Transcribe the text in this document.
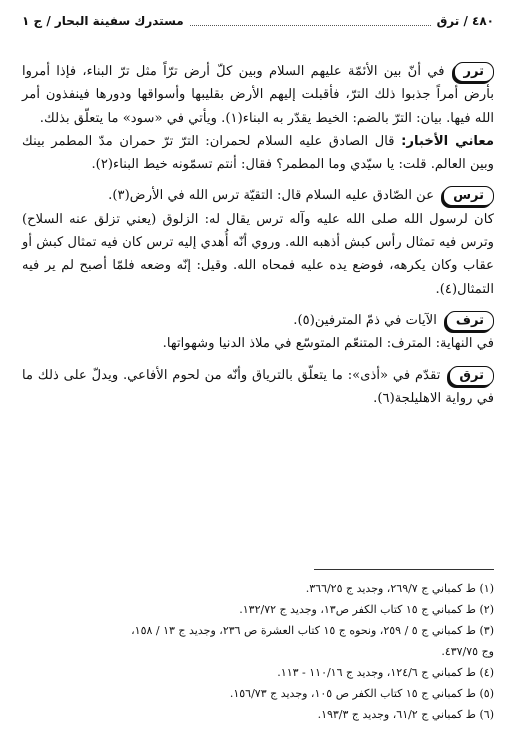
٤٨٠ / ترق
مستدرك سفينة البحار / ج ١

تررفي أنّ بين الأئمّة عليهم السلام وبين كلّ أرض ترّاً مثل ترّ البناء، فإذا أمروا بأرض أمراً جذبوا ذلك الترّ، فأقبلت إليهم الأرض بقليبها وأسواقها ودورها فينفذون أمر الله فيها. بيان: الترّ بالضم: الخيط يقدّر به البناء(١). ويأتي في «سود» ما يتعلّق بذلك.

معاني الأخبار: قال الصادق عليه السلام لحمران: الترّ ترّ حمران مدّ المطمر بينك وبين العالم. قلت: يا سيّدي وما المطمر؟ فقال: أنتم تسمّونه خيط البناء(٢).

ترسعن الصّادق عليه السلام قال: التقيّة ترس الله في الأرض(٣).

كان لرسول الله صلى الله عليه وآله ترس يقال له: الزلوق (يعني تزلق عنه السلاح) وترس فيه تمثال رأس كبش أذهبه الله. وروي أنّه أُهدي إليه ترس كان فيه تمثال كبش أو عقاب وكان يكرهه، فوضع يده عليه فمحاه الله. وقيل: إنّه وضعه فلمّا أصبح لم ير فيه التمثال(٤).

ترفالآيات في ذمّ المترفين(٥).

في النهاية: المترف: المتنعّم المتوسّع في ملاذ الدنيا وشهواتها.

ترقتقدّم في «أذى»: ما يتعلّق بالترياق وأنّه من لحوم الأفاعي. ويدلّ على ذلك ما في رواية الاهليلجة(٦).

(١) ط كمباني ج ٢٦٩/٧، وجديد ج ٣٦٦/٢٥.
(٢) ط كمباني ج ١٥ كتاب الكفر ص١٣، وجديد ج ١٣٢/٧٢.
(٣) ط كمباني ج ٥ / ٢٥٩، ونحوه ج ١٥ كتاب العشرة ص ٢٣٦، وجديد ج ١٣ / ١٥٨،
وج ٤٣٧/٧٥.
(٤) ط كمباني ج ١٢٤/٦، وجديد ج ١١٠/١٦ - ١١٣.
(٥) ط كمباني ج ١٥ كتاب الكفر ص ١٠٥، وجديد ج ١٥٦/٧٣.
(٦) ط كمباني ج ٦١/٢، وجديد ج ١٩٣/٣.
